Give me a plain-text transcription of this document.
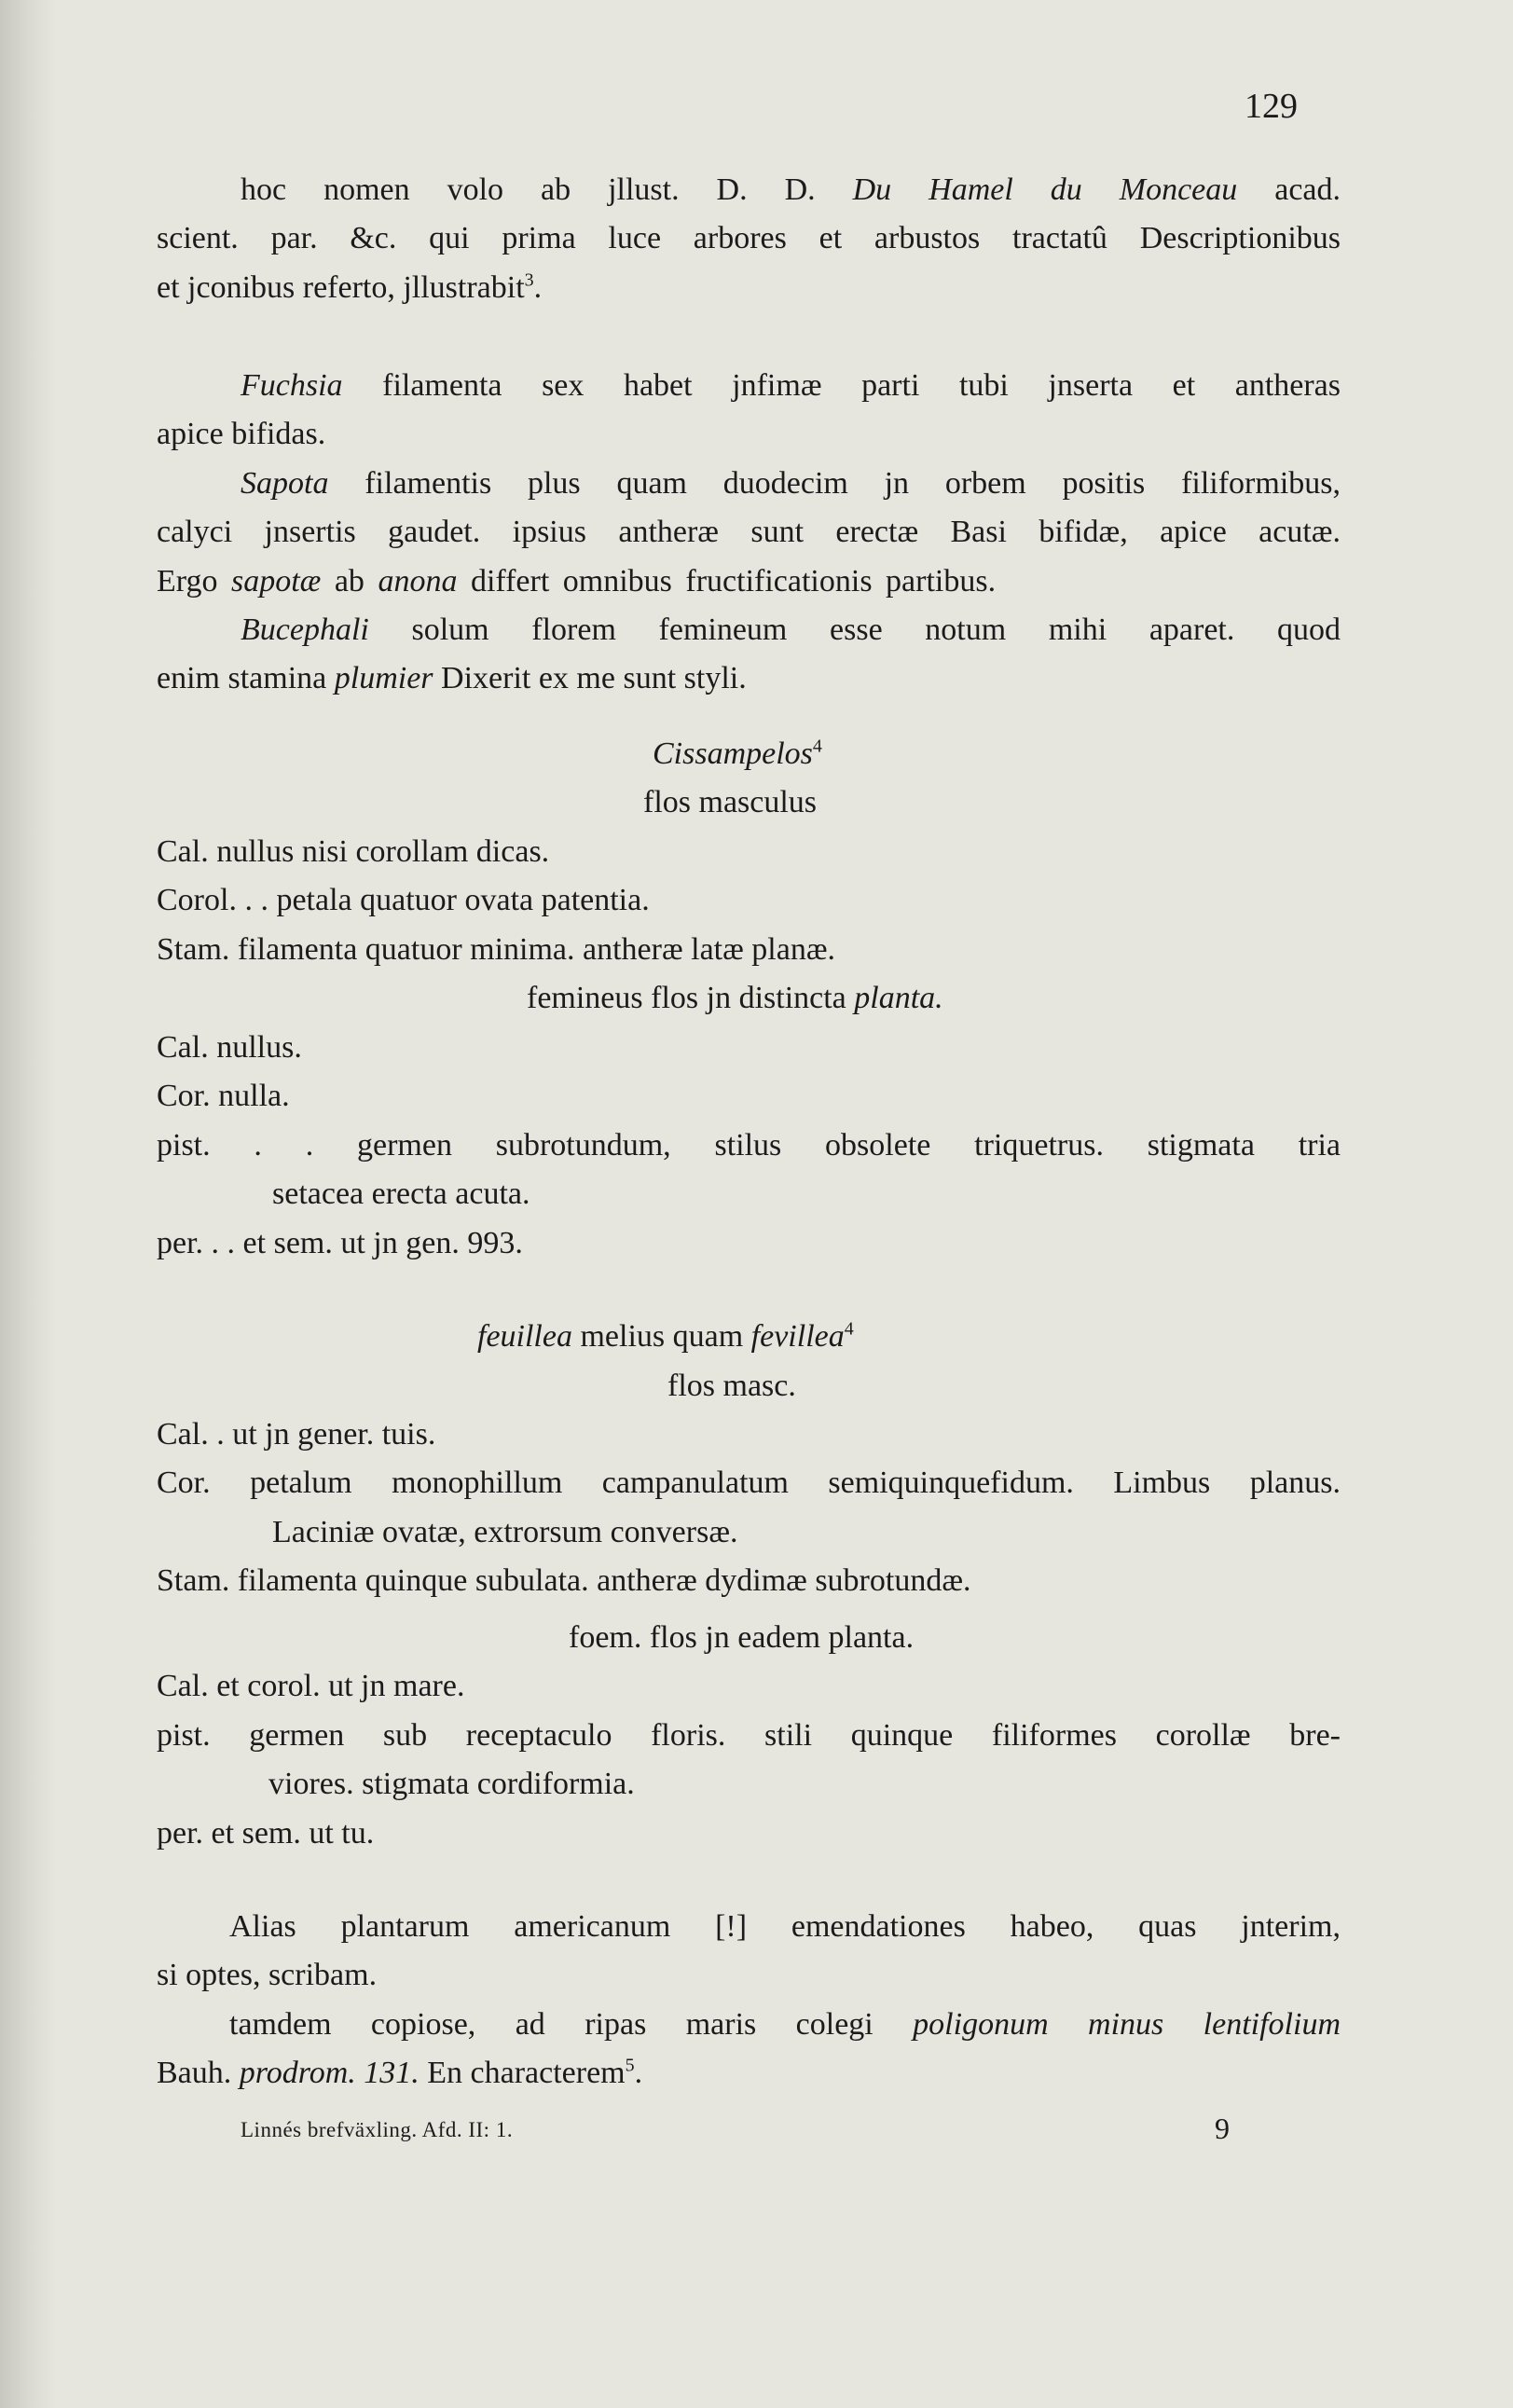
129
hoc nomen volo ab jllust. D. D. Du Hamel du Monceau acad.
scient. par. &c. qui prima luce arbores et arbustos tractatû Descriptionibus
et jconibus referto, jllustrabit$^3$.
Fuchsia filamenta sex habet jnfimæ parti tubi jnserta et antheras
apice bifidas.
Sapota filamentis plus quam duodecim jn orbem positis filiformibus,
calyci jnsertis gaudet. ipsius antheræ sunt erectæ Basi bifidæ, apice acutæ.
Ergo sapotæ ab anona differt omnibus fructificationis partibus.
Bucephali solum florem femineum esse notum mihi aparet. quod
enim stamina plumier Dixerit ex me sunt styli.
Cissampelos$^4$
flos masculus
Cal. nullus nisi corollam dicas.
Corol. . . petala quatuor ovata patentia.
Stam. filamenta quatuor minima. antheræ latæ planæ.
femineus flos jn distincta planta.
Cal. nullus.
Cor. nulla.
pist. . . germen subrotundum, stilus obsolete triquetrus. stigmata tria
setacea erecta acuta.
per. . . et sem. ut jn gen. 993.
feuillea melius quam fevillea$^4$
flos masc.
Cal. . ut jn gener. tuis.
Cor. petalum monophillum campanulatum semiquinquefidum. Limbus planus.
Laciniæ ovatæ, extrorsum conversæ.
Stam. filamenta quinque subulata. antheræ dydimæ subrotundæ.
foem. flos jn eadem planta.
Cal. et corol. ut jn mare.
pist. germen sub receptaculo floris. stili quinque filiformes corollæ bre-
viores. stigmata cordiformia.
per. et sem. ut tu.
Alias plantarum americanum [!] emendationes habeo, quas jnterim,
si optes, scribam.
tamdem copiose, ad ripas maris colegi poligonum minus lentifolium
Bauh. prodrom. 131. En characterem$^5$.
Linnés brefväxling. Afd. II: 1.	9
